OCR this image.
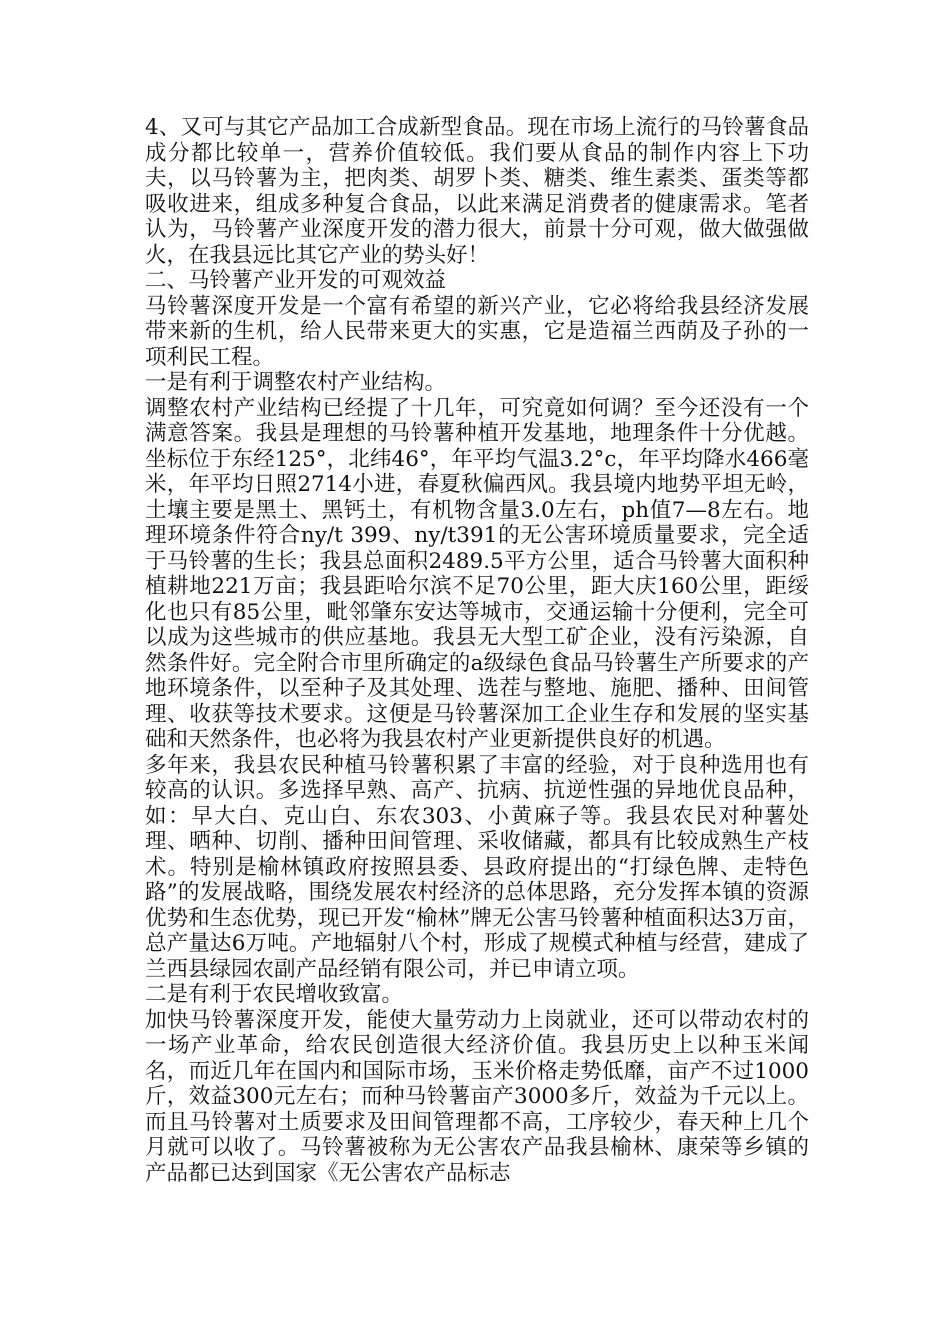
4、又可与其它产品加工合成新型食品。现在市场上流行的马铃薯食品成分都比较单一，营养价值较低。我们要从食品的制作内容上下功夫，以马铃薯为主，把肉类、胡罗卜类、糖类、维生素类、蛋类等都吸收进来，组成多种复合食品，以此来满足消费者的健康需求。笔者认为，马铃薯产业深度开发的潜力很大，前景十分可观，做大做强做火，在我县远比其它产业的势头好！

二、马铃薯产业开发的可观效益

马铃薯深度开发是一个富有希望的新兴产业，它必将给我县经济发展带来新的生机，给人民带来更大的实惠，它是造福兰西荫及子孙的一项利民工程。

一是有利于调整农村产业结构。

调整农村产业结构已经提了十几年，可究竟如何调？至今还没有一个满意答案。我县是理想的马铃薯种植开发基地，地理条件十分优越。坐标位于东经125°，北纬46°，年平均气温3.2°c，年平均降水466毫米，年平均日照2714小进，春夏秋偏西风。我县境内地势平坦无岭，土壤主要是黑土、黑钙土，有机物含量3.0左右，ph值7—8左右。地理环境条件符合ny/t 399、ny/t391的无公害环境质量要求，完全适于马铃薯的生长；我县总面积2489.5平方公里，适合马铃薯大面积种植耕地221万亩；我县距哈尔滨不足70公里，距大庆160公里，距绥化也只有85公里，毗邻肇东安达等城市，交通运输十分便利，完全可以成为这些城市的供应基地。我县无大型工矿企业，没有污染源，自然条件好。完全附合市里所确定的a级绿色食品马铃薯生产所要求的产地环境条件，以至种子及其处理、选茬与整地、施肥、播种、田间管理、收获等技术要求。这便是马铃薯深加工企业生存和发展的坚实基础和天然条件，也必将为我县农村产业更新提供良好的机遇。

多年来，我县农民种植马铃薯积累了丰富的经验，对于良种选用也有较高的认识。多选择早熟、高产、抗病、抗逆性强的异地优良品种，如：早大白、克山白、东农303、小黄麻子等。我县农民对种薯处理、晒种、切削、播种田间管理、采收储藏，都具有比较成熟生产枝术。特别是榆林镇政府按照县委、县政府提出的“打绿色牌、走特色路”的发展战略，围绕发展农村经济的总体思路，充分发挥本镇的资源优势和生态优势，现已开发“榆林”牌无公害马铃薯种植面积达3万亩，总产量达6万吨。产地辐射八个村，形成了规模式种植与经营，建成了兰西县绿园农副产品经销有限公司，并已申请立项。

二是有利于农民增收致富。

加快马铃薯深度开发，能使大量劳动力上岗就业，还可以带动农村的一场产业革命，给农民创造很大经济价值。我县历史上以种玉米闻名，而近几年在国内和国际市场，玉米价格走势低靡，亩产不过1000斤，效益300元左右；而种马铃薯亩产3000多斤，效益为千元以上。而且马铃薯对土质要求及田间管理都不高，工序较少，春天种上几个月就可以收了。马铃薯被称为无公害农产品我县榆林、康荣等乡镇的产品都已达到国家《无公害农产品标志
